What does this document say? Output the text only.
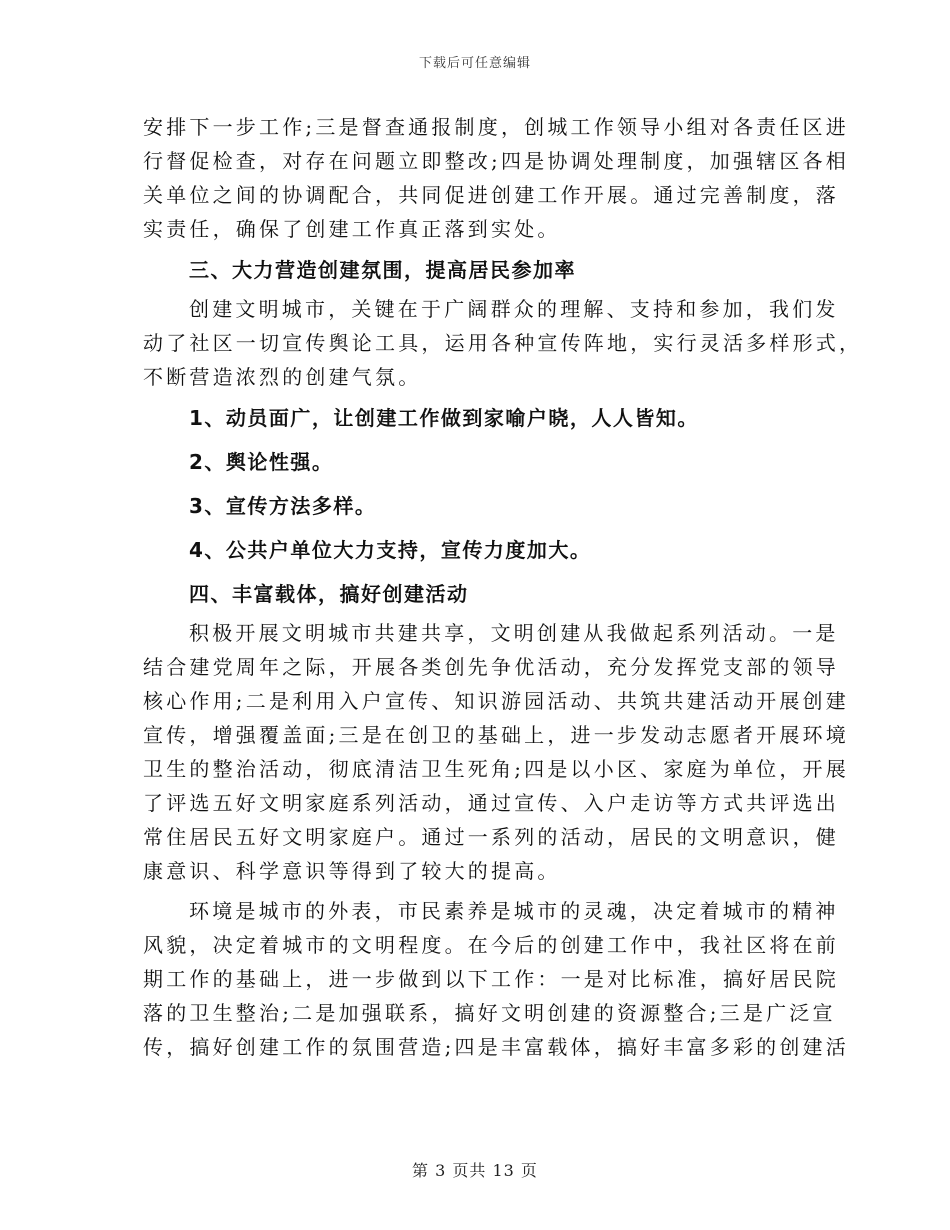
下载后可任意编辑
安排下一步工作;三是督查通报制度，创城工作领导小组对各责任区进
行督促检查，对存在问题立即整改;四是协调处理制度，加强辖区各相
关单位之间的协调配合，共同促进创建工作开展。通过完善制度，落
实责任，确保了创建工作真正落到实处。
三、大力营造创建氛围，提高居民参加率
创建文明城市，关键在于广阔群众的理解、支持和参加，我们发
动了社区一切宣传舆论工具，运用各种宣传阵地，实行灵活多样形式，
不断营造浓烈的创建气氛。
1、动员面广，让创建工作做到家喻户晓，人人皆知。
2、舆论性强。
3、宣传方法多样。
4、公共户单位大力支持，宣传力度加大。
四、丰富载体，搞好创建活动
积极开展文明城市共建共享，文明创建从我做起系列活动。一是
结合建党周年之际，开展各类创先争优活动，充分发挥党支部的领导
核心作用;二是利用入户宣传、知识游园活动、共筑共建活动开展创建
宣传，增强覆盖面;三是在创卫的基础上，进一步发动志愿者开展环境
卫生的整治活动，彻底清洁卫生死角;四是以小区、家庭为单位，开展
了评选五好文明家庭系列活动，通过宣传、入户走访等方式共评选出
常住居民五好文明家庭户。通过一系列的活动，居民的文明意识，健
康意识、科学意识等得到了较大的提高。
环境是城市的外表，市民素养是城市的灵魂，决定着城市的精神
风貌，决定着城市的文明程度。在今后的创建工作中，我社区将在前
期工作的基础上，进一步做到以下工作：一是对比标准，搞好居民院
落的卫生整治;二是加强联系，搞好文明创建的资源整合;三是广泛宣
传，搞好创建工作的氛围营造;四是丰富载体，搞好丰富多彩的创建活
第 3 页共 13 页
